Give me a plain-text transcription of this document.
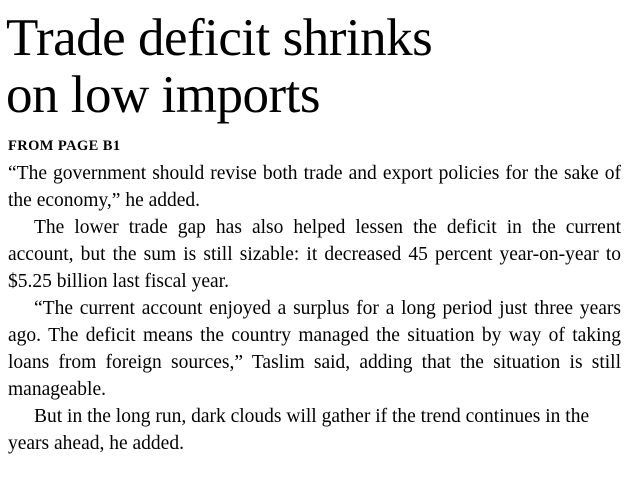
Trade deficit shrinks
on low imports
FROM PAGE B1

“The government should revise both trade and export policies for the sake of the economy,” he added.

The lower trade gap has also helped lessen the deficit in the current account, but the sum is still sizable: it decreased 45 percent year-on-year to $5.25 billion last fiscal year.

“The current account enjoyed a surplus for a long period just three years ago. The deficit means the country managed the situation by way of taking loans from foreign sources,” Taslim said, adding that the situation is still manageable.

But in the long run, dark clouds will gather if the trend continues in the years ahead, he added.
